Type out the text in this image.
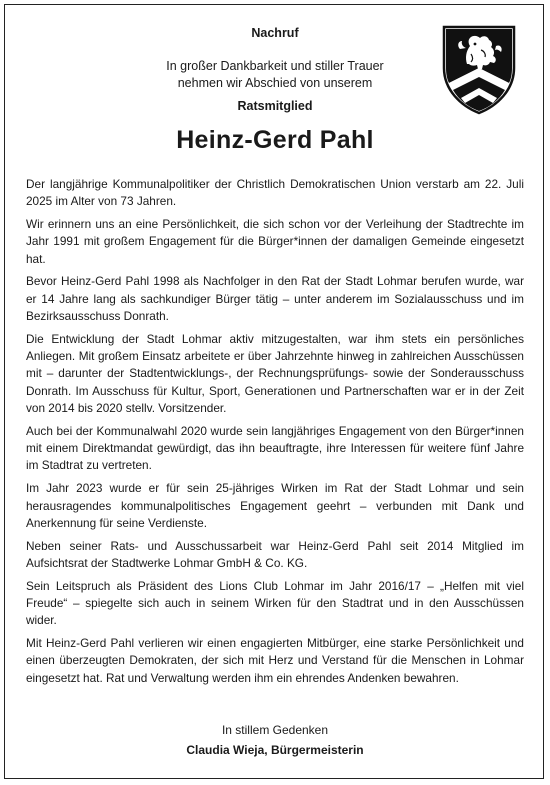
Nachruf
In großer Dankbarkeit und stiller Trauer
nehmen wir Abschied von unserem
Ratsmitglied
Heinz-Gerd Pahl

Der langjährige Kommunalpolitiker der Christlich Demokratischen Union verstarb am 22. Juli 2025 im Alter von 73 Jahren.

Wir erinnern uns an eine Persönlichkeit, die sich schon vor der Verleihung der Stadtrechte im Jahr 1991 mit großem Engagement für die Bürger*innen der damaligen Gemeinde eingesetzt hat.

Bevor Heinz-Gerd Pahl 1998 als Nachfolger in den Rat der Stadt Lohmar berufen wurde, war er 14 Jahre lang als sachkundiger Bürger tätig – unter anderem im Sozialausschuss und im Bezirksausschuss Donrath.

Die Entwicklung der Stadt Lohmar aktiv mitzugestalten, war ihm stets ein persönliches Anliegen. Mit großem Einsatz arbeitete er über Jahrzehnte hinweg in zahlreichen Ausschüssen mit – darunter der Stadtentwicklungs-, der Rechnungsprüfungs- sowie der Sonderausschuss Donrath. Im Ausschuss für Kultur, Sport, Generationen und Partnerschaften war er in der Zeit von 2014 bis 2020 stellv. Vorsitzender.

Auch bei der Kommunalwahl 2020 wurde sein langjähriges Engagement von den Bürger*innen mit einem Direktmandat gewürdigt, das ihn beauftragte, ihre Interessen für weitere fünf Jahre im Stadtrat zu vertreten.

Im Jahr 2023 wurde er für sein 25-jähriges Wirken im Rat der Stadt Lohmar und sein herausragendes kommunalpolitisches Engagement geehrt – verbunden mit Dank und Anerkennung für seine Verdienste.

Neben seiner Rats- und Ausschussarbeit war Heinz-Gerd Pahl seit 2014 Mitglied im Aufsichtsrat der Stadtwerke Lohmar GmbH & Co. KG.

Sein Leitspruch als Präsident des Lions Club Lohmar im Jahr 2016/17 – „Helfen mit viel Freude“ – spiegelte sich auch in seinem Wirken für den Stadtrat und in den Ausschüssen wider.

Mit Heinz-Gerd Pahl verlieren wir einen engagierten Mitbürger, eine starke Persönlichkeit und einen überzeugten Demokraten, der sich mit Herz und Verstand für die Menschen in Lohmar eingesetzt hat. Rat und Verwaltung werden ihm ein ehrendes Andenken bewahren.

In stillem Gedenken
Claudia Wieja, Bürgermeisterin
